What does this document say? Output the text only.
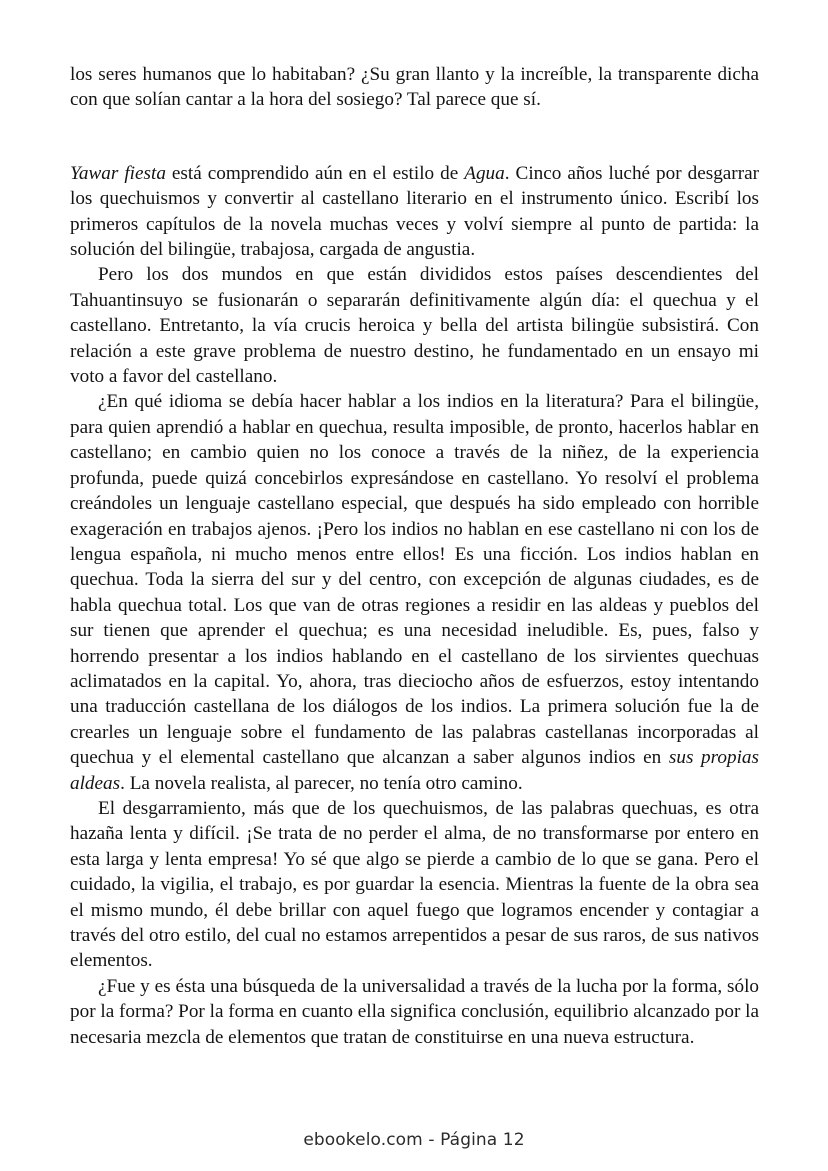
los seres humanos que lo habitaban? ¿Su gran llanto y la increíble, la transparente dicha con que solían cantar a la hora del sosiego? Tal parece que sí.

Yawar fiesta está comprendido aún en el estilo de Agua. Cinco años luché por desgarrar los quechuismos y convertir al castellano literario en el instrumento único. Escribí los primeros capítulos de la novela muchas veces y volví siempre al punto de partida: la solución del bilingüe, trabajosa, cargada de angustia.

Pero los dos mundos en que están divididos estos países descendientes del Tahuantinsuyo se fusionarán o separarán definitivamente algún día: el quechua y el castellano. Entretanto, la vía crucis heroica y bella del artista bilingüe subsistirá. Con relación a este grave problema de nuestro destino, he fundamentado en un ensayo mi voto a favor del castellano.

¿En qué idioma se debía hacer hablar a los indios en la literatura? Para el bilingüe, para quien aprendió a hablar en quechua, resulta imposible, de pronto, hacerlos hablar en castellano; en cambio quien no los conoce a través de la niñez, de la experiencia profunda, puede quizá concebirlos expresándose en castellano. Yo resolví el problema creándoles un lenguaje castellano especial, que después ha sido empleado con horrible exageración en trabajos ajenos. ¡Pero los indios no hablan en ese castellano ni con los de lengua española, ni mucho menos entre ellos! Es una ficción. Los indios hablan en quechua. Toda la sierra del sur y del centro, con excepción de algunas ciudades, es de habla quechua total. Los que van de otras regiones a residir en las aldeas y pueblos del sur tienen que aprender el quechua; es una necesidad ineludible. Es, pues, falso y horrendo presentar a los indios hablando en el castellano de los sirvientes quechuas aclimatados en la capital. Yo, ahora, tras dieciocho años de esfuerzos, estoy intentando una traducción castellana de los diálogos de los indios. La primera solución fue la de crearles un lenguaje sobre el fundamento de las palabras castellanas incorporadas al quechua y el elemental castellano que alcanzan a saber algunos indios en sus propias aldeas. La novela realista, al parecer, no tenía otro camino.

El desgarramiento, más que de los quechuismos, de las palabras quechuas, es otra hazaña lenta y difícil. ¡Se trata de no perder el alma, de no transformarse por entero en esta larga y lenta empresa! Yo sé que algo se pierde a cambio de lo que se gana. Pero el cuidado, la vigilia, el trabajo, es por guardar la esencia. Mientras la fuente de la obra sea el mismo mundo, él debe brillar con aquel fuego que logramos encender y contagiar a través del otro estilo, del cual no estamos arrepentidos a pesar de sus raros, de sus nativos elementos.

¿Fue y es ésta una búsqueda de la universalidad a través de la lucha por la forma, sólo por la forma? Por la forma en cuanto ella significa conclusión, equilibrio alcanzado por la necesaria mezcla de elementos que tratan de constituirse en una nueva estructura.

ebookelo.com - Página 12
